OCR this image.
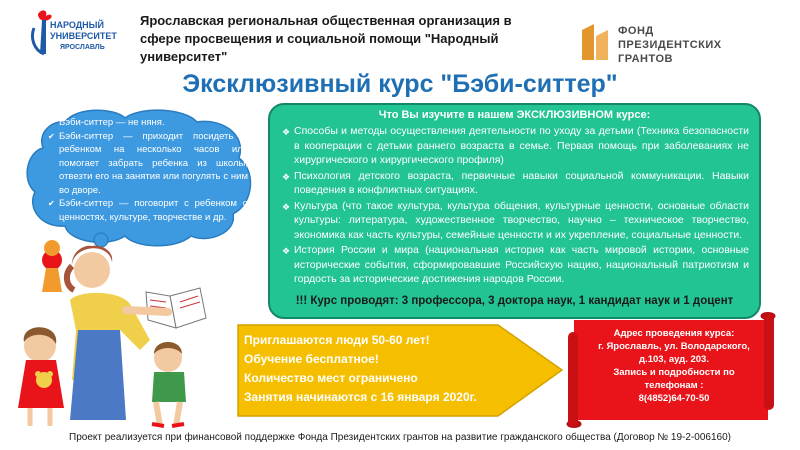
НАРОДНЫЙ
УНИВЕРСИТЕТ
ЯРОСЛАВЛЬ
Ярославская региональная общественная организация в сфере просвещения и социальной помощи "Народный университет"
ФОНД
ПРЕЗИДЕНТСКИХ
ГРАНТОВ
Эксклюзивный курс "Бэби-ситтер"
✔ Бэби-ситтер — не няня.
✔ Бэби-ситтер — приходит посидеть с ребенком на несколько часов или помогает забрать ребенка из школы, отвезти его на занятия или погулять с ним во дворе.
✔ Бэби-ситтер — поговорит с ребенком о ценностях, культуре, творчестве и др.
Что Вы изучите в нашем ЭКСКЛЮЗИВНОМ курсе:
❖ Способы и методы осуществления деятельности по уходу за детьми (Техника безопасности в кооперации с детьми раннего возраста в семье. Первая помощь при заболеваниях не хирургического и хирургического профиля)
❖ Психология детского возраста, первичные навыки социальной коммуникации. Навыки поведения в конфликтных ситуациях.
❖ Культура (что такое культура, культура общения, культурные ценности, основные области культуры: литература, художественное творчество, научно – техническое творчество, экономика как часть культуры, семейные ценности и их укрепление, социальные ценности.
❖ История России и мира (национальная история как часть мировой истории, основные исторические события, сформировавшие Российскую нацию, национальный патриотизм и гордость за исторические достижения народов России.
!!! Курс проводят: 3 профессора, 3 доктора наук, 1 кандидат наук и 1 доцент
Приглашаются люди 50-60 лет!
Обучение бесплатное!
Количество мест ограничено
Занятия начинаются с 16 января 2020г.
Адрес проведения курса:
г. Ярославль, ул. Володарского, д.103, ауд. 203.
Запись и подробности по телефонам :
8(4852)64-70-50
Проект реализуется при финансовой поддержке Фонда Президентских грантов на развитие гражданского общества (Договор № 19-2-006160)
